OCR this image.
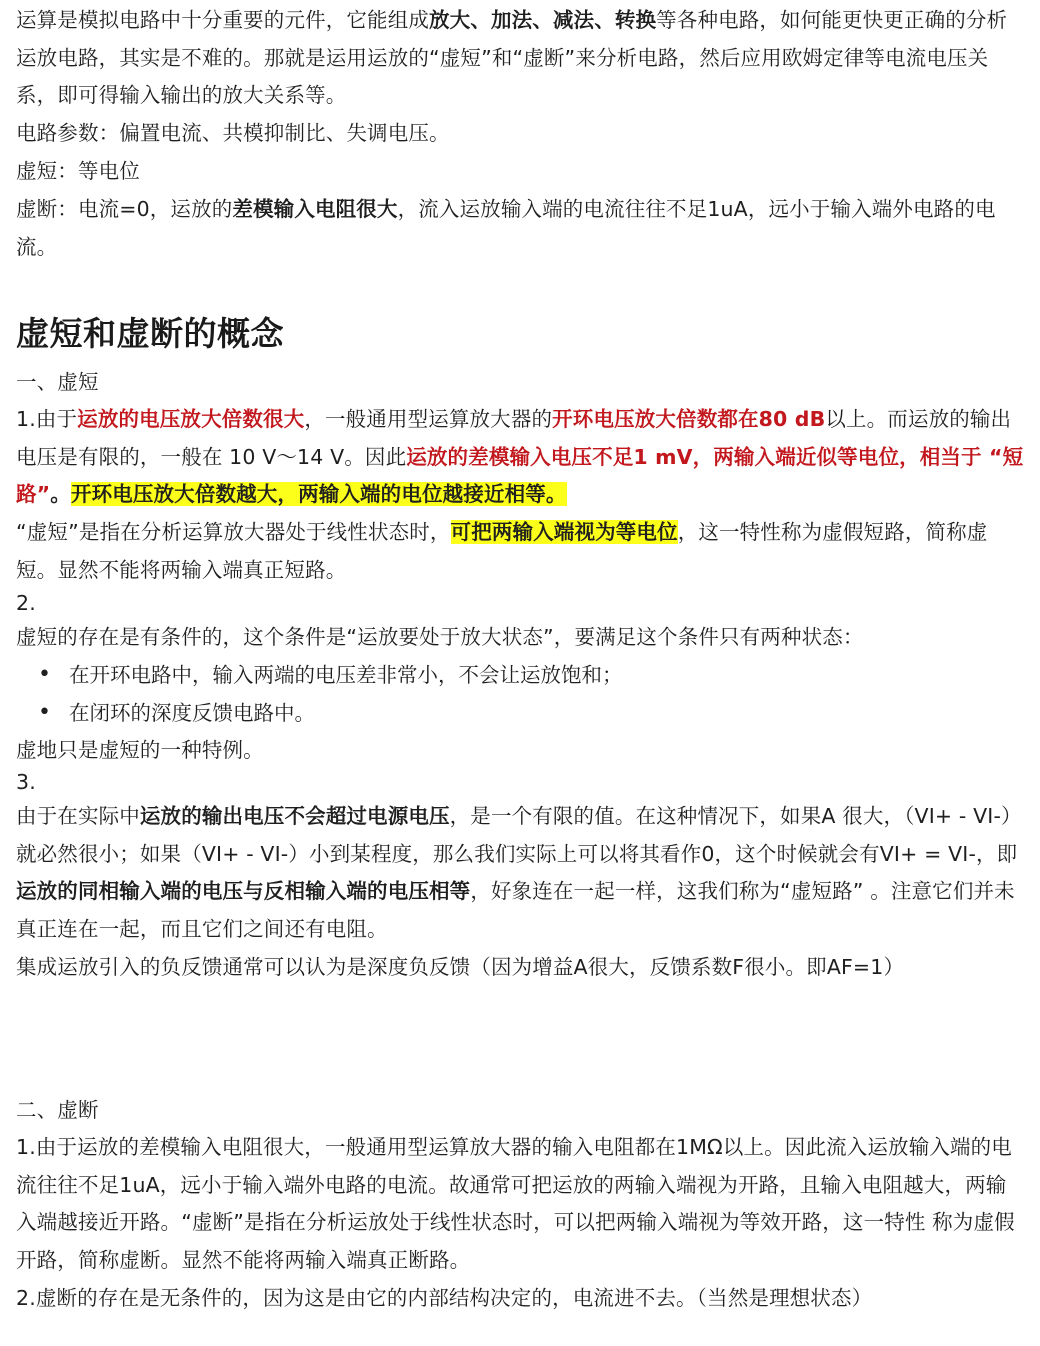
运算是模拟电路中十分重要的元件，它能组成放大、加法、减法、转换等各种电路，如何能更快更正确的分析运放电路，其实是不难的。那就是运用运放的“虚短”和“虚断”来分析电路，然后应用欧姆定律等电流电压关系，即可得输入输出的放大关系等。

电路参数：偏置电流、共模抑制比、失调电压。

虚短：等电位

虚断：电流=0，运放的差模输入电阻很大，流入运放输入端的电流往往不足1uA，远小于输入端外电路的电流。

虚短和虚断的概念

一、虚短

1.由于运放的电压放大倍数很大，一般通用型运算放大器的开环电压放大倍数都在80 dB以上。而运放的输出电压是有限的，一般在 10 V～14 V。因此运放的差模输入电压不足1 mV，两输入端近似等电位，相当于 “短路”。开环电压放大倍数越大，两输入端的电位越接近相等。

“虚短”是指在分析运算放大器处于线性状态时，可把两输入端视为等电位，这一特性称为虚假短路，简称虚短。显然不能将两输入端真正短路。

2.

虚短的存在是有条件的，这个条件是“运放要处于放大状态”，要满足这个条件只有两种状态：

• 在开环电路中，输入两端的电压差非常小，不会让运放饱和；
• 在闭环的深度反馈电路中。

虚地只是虚短的一种特例。

3.

由于在实际中运放的输出电压不会超过电源电压，是一个有限的值。在这种情况下，如果A 很大，（VI+ - VI-）就必然很小；如果（VI+ - VI-）小到某程度，那么我们实际上可以将其看作0，这个时候就会有VI+ = VI-，即运放的同相输入端的电压与反相输入端的电压相等，好象连在一起一样，这我们称为“虚短路” 。注意它们并未真正连在一起，而且它们之间还有电阻。

集成运放引入的负反馈通常可以认为是深度负反馈（因为增益A很大，反馈系数F很小。即AF=1）

二、虚断

1.由于运放的差模输入电阻很大，一般通用型运算放大器的输入电阻都在1MΩ以上。因此流入运放输入端的电流往往不足1uA，远小于输入端外电路的电流。故通常可把运放的两输入端视为开路，且输入电阻越大，两输入端越接近开路。“虚断”是指在分析运放处于线性状态时，可以把两输入端视为等效开路，这一特性 称为虚假开路，简称虚断。显然不能将两输入端真正断路。

2.虚断的存在是无条件的，因为这是由它的内部结构决定的，电流进不去。（当然是理想状态）
